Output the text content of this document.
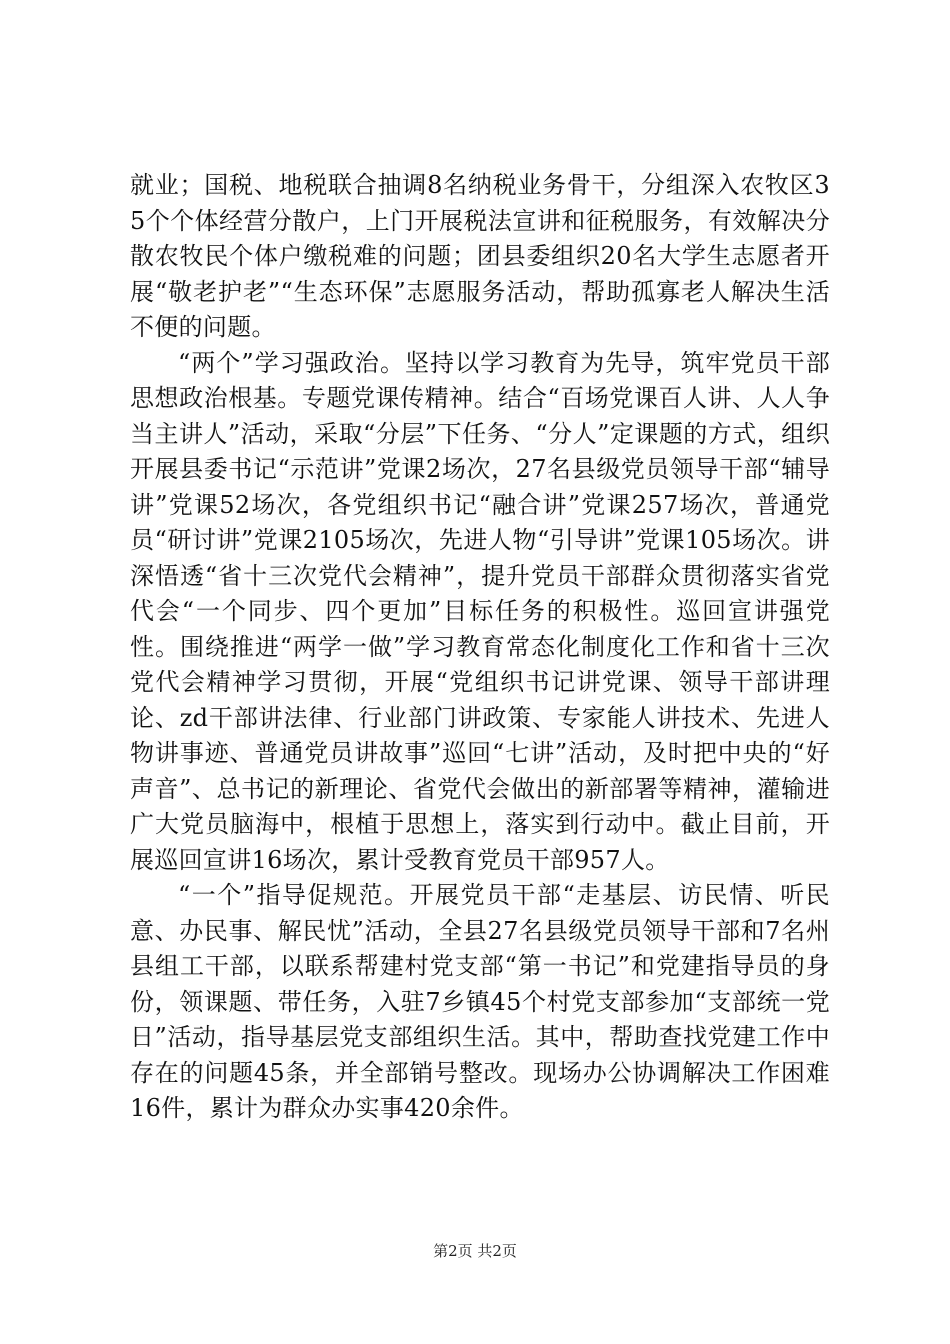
就业；国税、地税联合抽调8名纳税业务骨干，分组深入农牧区35个个体经营分散户，上门开展税法宣讲和征税服务，有效解决分散农牧民个体户缴税难的问题；团县委组织20名大学生志愿者开展“敬老护老”“生态环保”志愿服务活动，帮助孤寡老人解决生活不便的问题。

“两个”学习强政治。坚持以学习教育为先导，筑牢党员干部思想政治根基。专题党课传精神。结合“百场党课百人讲、人人争当主讲人”活动，采取“分层”下任务、“分人”定课题的方式，组织开展县委书记“示范讲”党课2场次，27名县级党员领导干部“辅导讲”党课52场次，各党组织书记“融合讲”党课257场次，普通党员“研讨讲”党课2105场次，先进人物“引导讲”党课105场次。讲深悟透“省十三次党代会精神”，提升党员干部群众贯彻落实省党代会“一个同步、四个更加”目标任务的积极性。巡回宣讲强党性。围绕推进“两学一做”学习教育常态化制度化工作和省十三次党代会精神学习贯彻，开展“党组织书记讲党课、领导干部讲理论、zd干部讲法律、行业部门讲政策、专家能人讲技术、先进人物讲事迹、普通党员讲故事”巡回“七讲”活动，及时把中央的“好声音”、总书记的新理论、省党代会做出的新部署等精神，灌输进广大党员脑海中，根植于思想上，落实到行动中。截止目前，开展巡回宣讲16场次，累计受教育党员干部957人。

“一个”指导促规范。开展党员干部“走基层、访民情、听民意、办民事、解民忧”活动，全县27名县级党员领导干部和7名州县组工干部，以联系帮建村党支部“第一书记”和党建指导员的身份，领课题、带任务，入驻7乡镇45个村党支部参加“支部统一党日”活动，指导基层党支部组织生活。其中，帮助查找党建工作中存在的问题45条，并全部销号整改。现场办公协调解决工作困难16件，累计为群众办实事420余件。

第2页 共2页
